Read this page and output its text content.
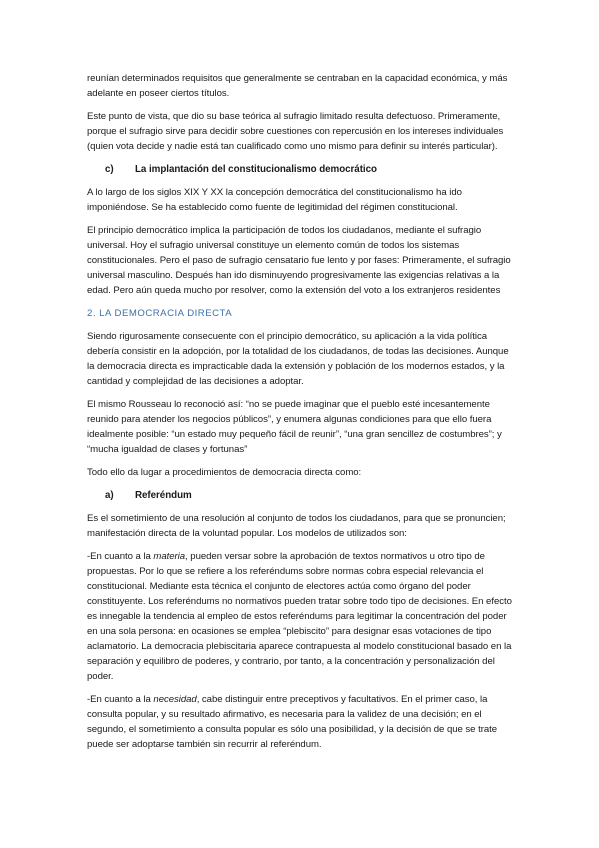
reunían determinados requisitos que generalmente se centraban en la capacidad económica, y más adelante en poseer ciertos títulos.

Este punto de vista, que dio su base teórica al sufragio limitado resulta defectuoso. Primeramente, porque el sufragio sirve para decidir sobre cuestiones con repercusión en los intereses individuales (quien vota decide y nadie está tan cualificado como uno mismo para definir su interés particular).

c) La implantación del constitucionalismo democrático

A lo largo de los siglos XIX Y XX la concepción democrática del constitucionalismo ha ido imponiéndose. Se ha establecido como fuente de legitimidad del régimen constitucional.

El principio democrático implica la participación de todos los ciudadanos, mediante el sufragio universal. Hoy el sufragio universal constituye un elemento común de todos los sistemas constitucionales. Pero el paso de sufragio censatario fue lento y por fases: Primeramente, el sufragio universal masculino. Después han ido disminuyendo progresivamente las exigencias relativas a la edad. Pero aún queda mucho por resolver, como la extensión del voto a los extranjeros residentes

2. LA DEMOCRACIA DIRECTA

Siendo rigurosamente consecuente con el principio democrático, su aplicación a la vida política debería consistir en la adopción, por la totalidad de los ciudadanos, de todas las decisiones. Aunque la democracia directa es impracticable dada la extensión y población de los modernos estados, y la cantidad y complejidad de las decisiones a adoptar.

El mismo Rousseau lo reconoció así: “no se puede imaginar que el pueblo esté incesantemente reunido para atender los negocios públicos”, y enumera algunas condiciones para que ello fuera idealmente posible: “un estado muy pequeño fácil de reunir”, “una gran sencillez de costumbres”; y “mucha igualdad de clases y fortunas”

Todo ello da lugar a procedimientos de democracia directa como:

a) Referéndum

Es el sometimiento de una resolución al conjunto de todos los ciudadanos, para que se pronuncien; manifestación directa de la voluntad popular. Los modelos de utilizados son:

-En cuanto a la materia, pueden versar sobre la aprobación de textos normativos u otro tipo de propuestas. Por lo que se refiere a los referéndums sobre normas cobra especial relevancia el constitucional. Mediante esta técnica el conjunto de electores actúa como órgano del poder constituyente. Los referéndums no normativos pueden tratar sobre todo tipo de decisiones. En efecto es innegable la tendencia al empleo de estos referéndums para legitimar la concentración del poder en una sola persona: en ocasiones se emplea “plebiscito” para designar esas votaciones de tipo aclamatorio. La democracia plebiscitaria aparece contrapuesta al modelo constitucional basado en la separación y equilibro de poderes, y contrario, por tanto, a la concentración y personalización del poder.

-En cuanto a la necesidad, cabe distinguir entre preceptivos y facultativos. En el primer caso, la consulta popular, y su resultado afirmativo, es necesaria para la validez de una decisión; en el segundo, el sometimiento a consulta popular es sólo una posibilidad, y la decisión de que se trate puede ser adoptarse también sin recurrir al referéndum.
